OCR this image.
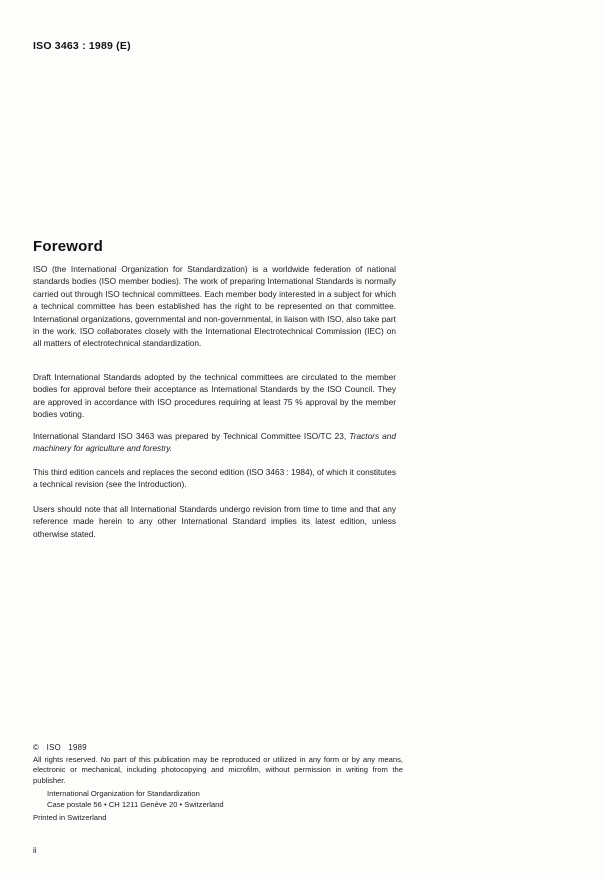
ISO 3463 : 1989 (E)
Foreword
ISO (the International Organization for Standardization) is a worldwide federation of national standards bodies (ISO member bodies). The work of preparing International Standards is normally carried out through ISO technical committees. Each member body interested in a subject for which a technical committee has been established has the right to be represented on that committee. International organizations, governmental and non-governmental, in liaison with ISO, also take part in the work. ISO collaborates closely with the International Electrotechnical Commission (IEC) on all matters of electrotechnical standardization.
Draft International Standards adopted by the technical committees are circulated to the member bodies for approval before their acceptance as International Standards by the ISO Council. They are approved in accordance with ISO procedures requiring at least 75 % approval by the member bodies voting.
International Standard ISO 3463 was prepared by Technical Committee ISO/TC 23, Tractors and machinery for agriculture and forestry.
This third edition cancels and replaces the second edition (ISO 3463 : 1984), of which it constitutes a technical revision (see the Introduction).
Users should note that all International Standards undergo revision from time to time and that any reference made herein to any other International Standard implies its latest edition, unless otherwise stated.
© ISO 1989
All rights reserved. No part of this publication may be reproduced or utilized in any form or by any means, electronic or mechanical, including photocopying and microfilm, without permission in writing from the publisher.
International Organization for Standardization
Case postale 56 • CH 1211 Genève 20 • Switzerland
Printed in Switzerland
ii
